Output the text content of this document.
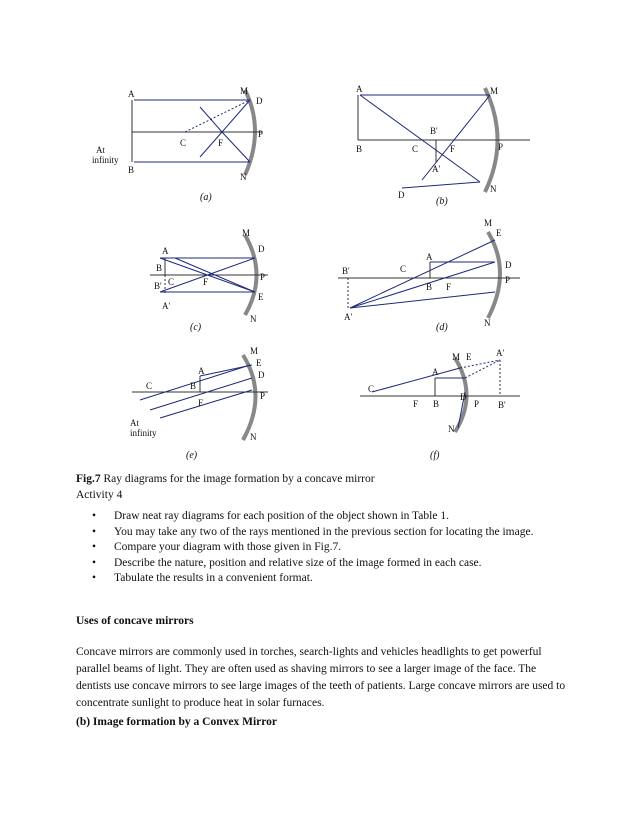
A
B
C	F
P
M
N
D
At
infinity
(a)
A
B	C	F	P
M
N
D
A'
B'
(b)
A
B
C	F	P
M
N
D
E
A'
B'
(c)
A
B
C
F
P
M
N
D
E
A'
B'
(d)
C	B
A
F
P
M
N
D
E
At
infinity
(e)
C
A
B
F	P
M
N
E
D
A'
B'
(f)
Fig.7 Ray diagrams for the image formation by a concave mirror
Activity 4
• Draw neat ray diagrams for each position of the object shown in Table 1.
• You may take any two of the rays mentioned in the previous section for locating the image.
• Compare your diagram with those given in Fig.7.
• Describe the nature, position and relative size of the image formed in each case.
• Tabulate the results in a convenient format.
Uses of concave mirrors
Concave mirrors are commonly used in torches, search-lights and vehicles headlights to get powerful parallel beams of light. They are often used as shaving mirrors to see a larger image of the face. The dentists use concave mirrors to see large images of the teeth of patients. Large concave mirrors are used to concentrate sunlight to produce heat in solar furnaces.
(b) Image formation by a Convex Mirror
